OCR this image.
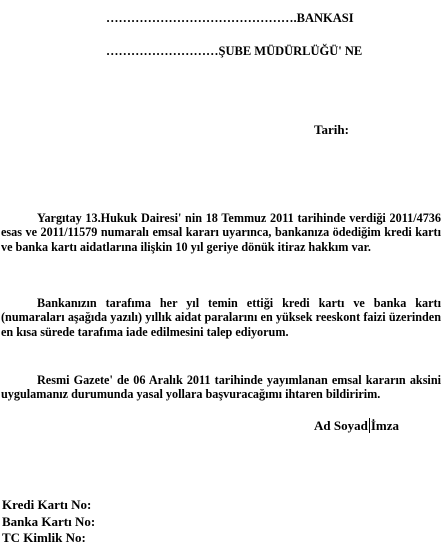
……………………………………….BANKASI
………………………ŞUBE MÜDÜRLÜĞÜ' NE
Tarih:

Yargıtay 13.Hukuk Dairesi' nin 18 Temmuz 2011 tarihinde verdiği 2011/4736 esas ve 2011/11579 numaralı emsal kararı uyarınca, bankanıza ödediğim kredi kartı ve banka kartı aidatlarına ilişkin 10 yıl geriye dönük itiraz hakkım var.

Bankanızın tarafıma her yıl temin ettiği kredi kartı ve banka kartı (numaraları aşağıda yazılı) yıllık aidat paralarını en yüksek reeskont faizi üzerinden en kısa sürede tarafıma iade edilmesini talep ediyorum.

Resmi Gazete' de 06 Aralık 2011 tarihinde yayımlanan emsal kararın aksini uygulamanız durumunda yasal yollara başvuracağımı ihtaren bildiririm.

Ad Soyad İmza
Kredi Kartı No:
Banka Kartı No:
TC Kimlik No:
